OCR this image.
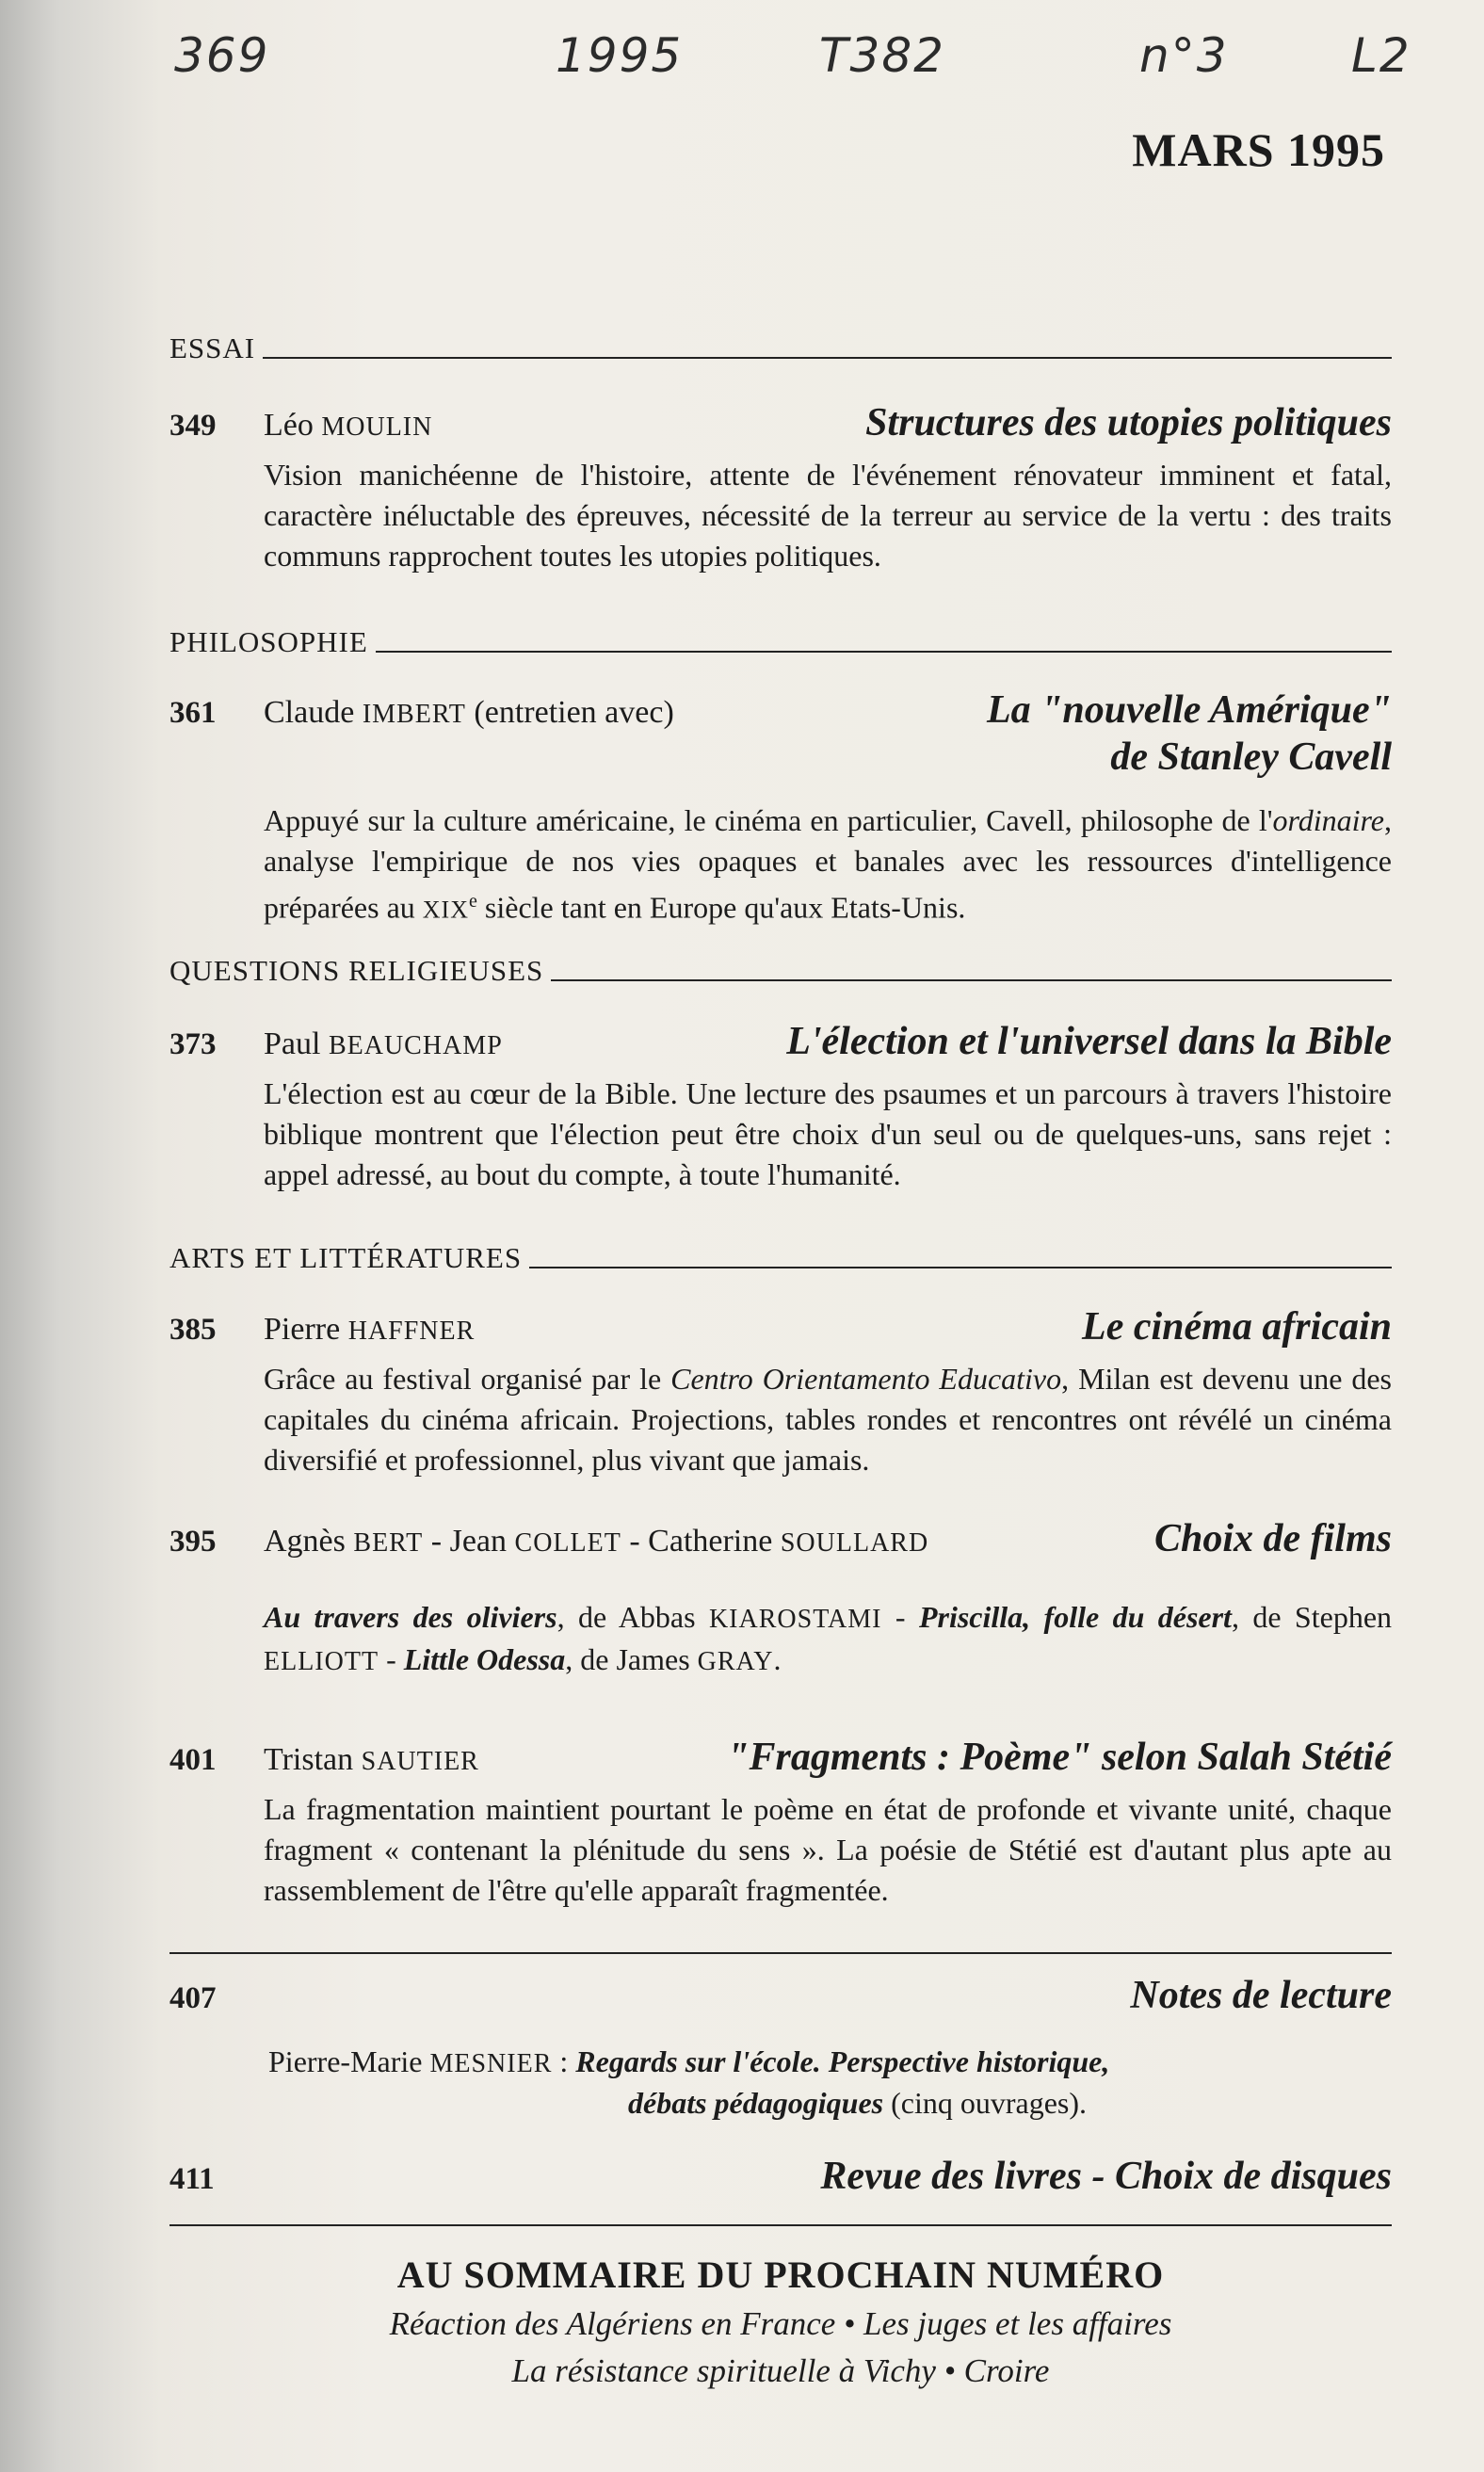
369	1995	T382	n°3	L2
MARS 1995
ESSAI
349	Léo MOULIN	Structures des utopies politiques
Vision manichéenne de l'histoire, attente de l'événement rénovateur imminent et fatal, caractère inéluctable des épreuves, nécessité de la terreur au service de la vertu : des traits communs rapprochent toutes les utopies politiques.
PHILOSOPHIE
361	Claude IMBERT (entretien avec)	La "nouvelle Amérique"
de Stanley Cavell
Appuyé sur la culture américaine, le cinéma en particulier, Cavell, philosophe de l'ordinaire, analyse l'empirique de nos vies opaques et banales avec les ressources d'intelligence préparées au XIXe siècle tant en Europe qu'aux Etats-Unis.
QUESTIONS RELIGIEUSES
373	Paul BEAUCHAMP	L'élection et l'universel dans la Bible
L'élection est au cœur de la Bible. Une lecture des psaumes et un parcours à travers l'histoire biblique montrent que l'élection peut être choix d'un seul ou de quelques-uns, sans rejet : appel adressé, au bout du compte, à toute l'humanité.
ARTS ET LITTÉRATURES
385	Pierre HAFFNER	Le cinéma africain
Grâce au festival organisé par le Centro Orientamento Educativo, Milan est devenu une des capitales du cinéma africain. Projections, tables rondes et rencontres ont révélé un cinéma diversifié et professionnel, plus vivant que jamais.
395	Agnès BERT - Jean COLLET - Catherine SOULLARD	Choix de films
Au travers des oliviers, de Abbas KIAROSTAMI - Priscilla, folle du désert, de Stephen ELLIOTT - Little Odessa, de James GRAY.
401	Tristan SAUTIER	"Fragments : Poème" selon Salah Stétié
La fragmentation maintient pourtant le poème en état de profonde et vivante unité, chaque fragment « contenant la plénitude du sens ». La poésie de Stétié est d'autant plus apte au rassemblement de l'être qu'elle apparaît fragmentée.
407	Notes de lecture
Pierre-Marie MESNIER : Regards sur l'école. Perspective historique,
débats pédagogiques (cinq ouvrages).
411	Revue des livres - Choix de disques
AU SOMMAIRE DU PROCHAIN NUMÉRO
Réaction des Algériens en France • Les juges et les affaires
La résistance spirituelle à Vichy • Croire
